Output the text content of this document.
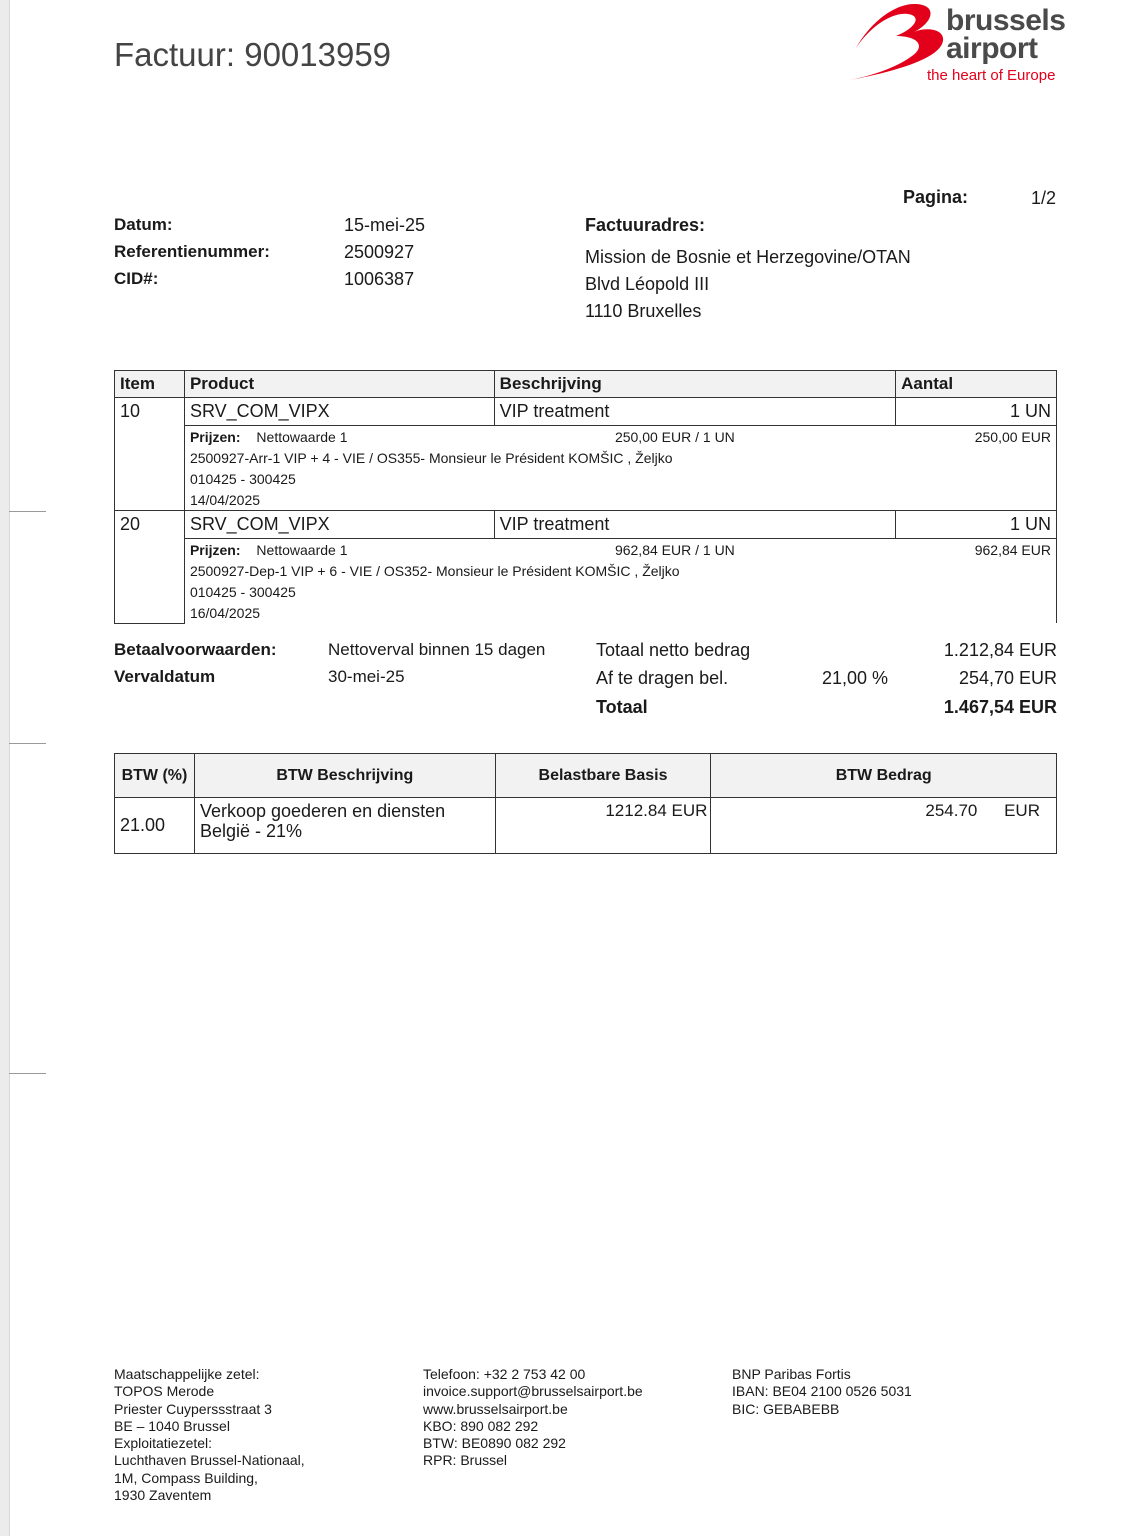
Factuur: 90013959
brussels
airport
the heart of Europe
Pagina:	1/2
Datum:	15-mei-25
Referentienummer:	2500927
CID#:	1006387
Factuuradres:
Mission de Bosnie et Herzegovine/OTAN
Blvd Léopold III
1110 Bruxelles
Item	Product	Beschrijving	Aantal
10	SRV_COM_VIPX	VIP treatment	1 UN
	Prijzen: Nettowaarde 1 250,00 EUR / 1 UN 250,00 EUR		

	2500927-Arr-1 VIP + 4 - VIE / OS355- Monsieur le Président KOMŠIC , Željko		
	010425 - 300425		
	14/04/2025		
20	SRV_COM_VIPX	VIP treatment	1 UN
	Prijzen: Nettowaarde 1 962,84 EUR / 1 UN 962,84 EUR		

	2500927-Dep-1 VIP + 6 - VIE / OS352- Monsieur le Président KOMŠIC , Željko		
	010425 - 300425		
	16/04/2025		
Betaalvoorwaarden:	Nettoverval binnen 15 dagen
Vervaldatum	30-mei-25
Totaal netto bedrag	1.212,84 EUR
Af te dragen bel.	21,00 %	254,70 EUR
Totaal	1.467,54 EUR
BTW (%)	BTW Beschrijving	Belastbare Basis	BTW Bedrag
21.00	Verkoop goederen en diensten
België - 21%	1212.84 EUR	254.70 EUR
Maatschappelijke zetel:
TOPOS Merode
Priester Cuyperssstraat 3
BE – 1040 Brussel
Exploitatiezetel:
Luchthaven Brussel-Nationaal,
1M, Compass Building,
1930 Zaventem
Telefoon: +32 2 753 42 00
invoice.support@brusselsairport.be
www.brusselsairport.be
KBO: 890 082 292
BTW: BE0890 082 292
RPR: Brussel
BNP Paribas Fortis
IBAN: BE04 2100 0526 5031
BIC: GEBABEBB
